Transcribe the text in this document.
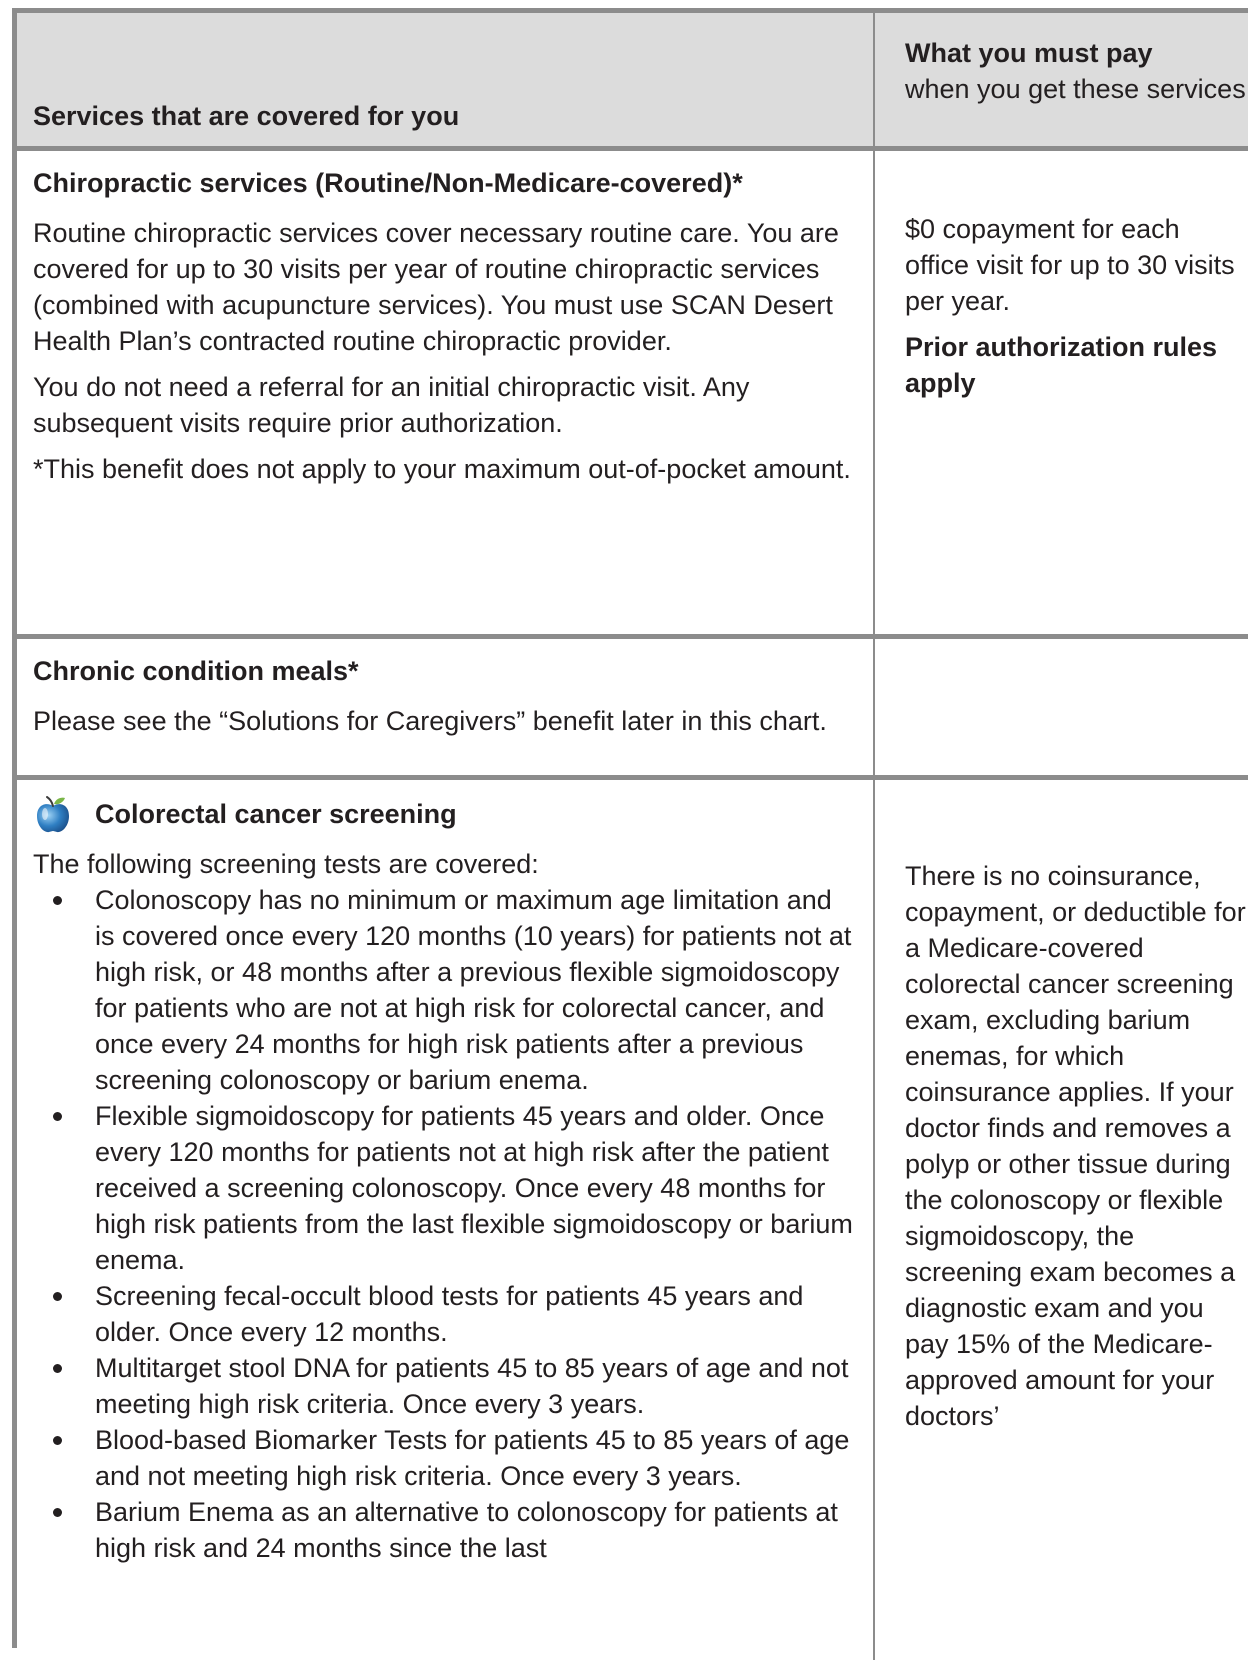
Services that are covered for you
What you must pay
when you get these services

Chiropractic services (Routine/Non-Medicare-covered)*

Routine chiropractic services cover necessary routine care. You are covered for up to 30 visits per year of routine chiropractic services (combined with acupuncture services). You must use SCAN Desert Health Plan’s contracted routine chiropractic provider.

You do not need a referral for an initial chiropractic visit. Any subsequent visits require prior authorization.

*This benefit does not apply to your maximum out-of-pocket amount.

$0 copayment for each office visit for up to 30 visits per year.

Prior authorization rules apply

Chronic condition meals*

Please see the “Solutions for Caregivers” benefit later in this chart.

Colorectal cancer screening

The following screening tests are covered:

Colonoscopy has no minimum or maximum age limitation and is covered once every 120 months (10 years) for patients not at high risk, or 48 months after a previous flexible sigmoidoscopy for patients who are not at high risk for colorectal cancer, and once every 24 months for high risk patients after a previous screening colonoscopy or barium enema.
Flexible sigmoidoscopy for patients 45 years and older. Once every 120 months for patients not at high risk after the patient received a screening colonoscopy. Once every 48 months for high risk patients from the last flexible sigmoidoscopy or barium enema.
Screening fecal-occult blood tests for patients 45 years and older. Once every 12 months.
Multitarget stool DNA for patients 45 to 85 years of age and not meeting high risk criteria. Once every 3 years.
Blood-based Biomarker Tests for patients 45 to 85 years of age and not meeting high risk criteria. Once every 3 years.
Barium Enema as an alternative to colonoscopy for patients at high risk and 24 months since the last

There is no coinsurance, copayment, or deductible for a Medicare-covered colorectal cancer screening exam, excluding barium enemas, for which coinsurance applies. If your doctor finds and removes a polyp or other tissue during the colonoscopy or flexible sigmoidoscopy, the screening exam becomes a diagnostic exam and you pay 15% of the Medicare-approved amount for your doctors’
